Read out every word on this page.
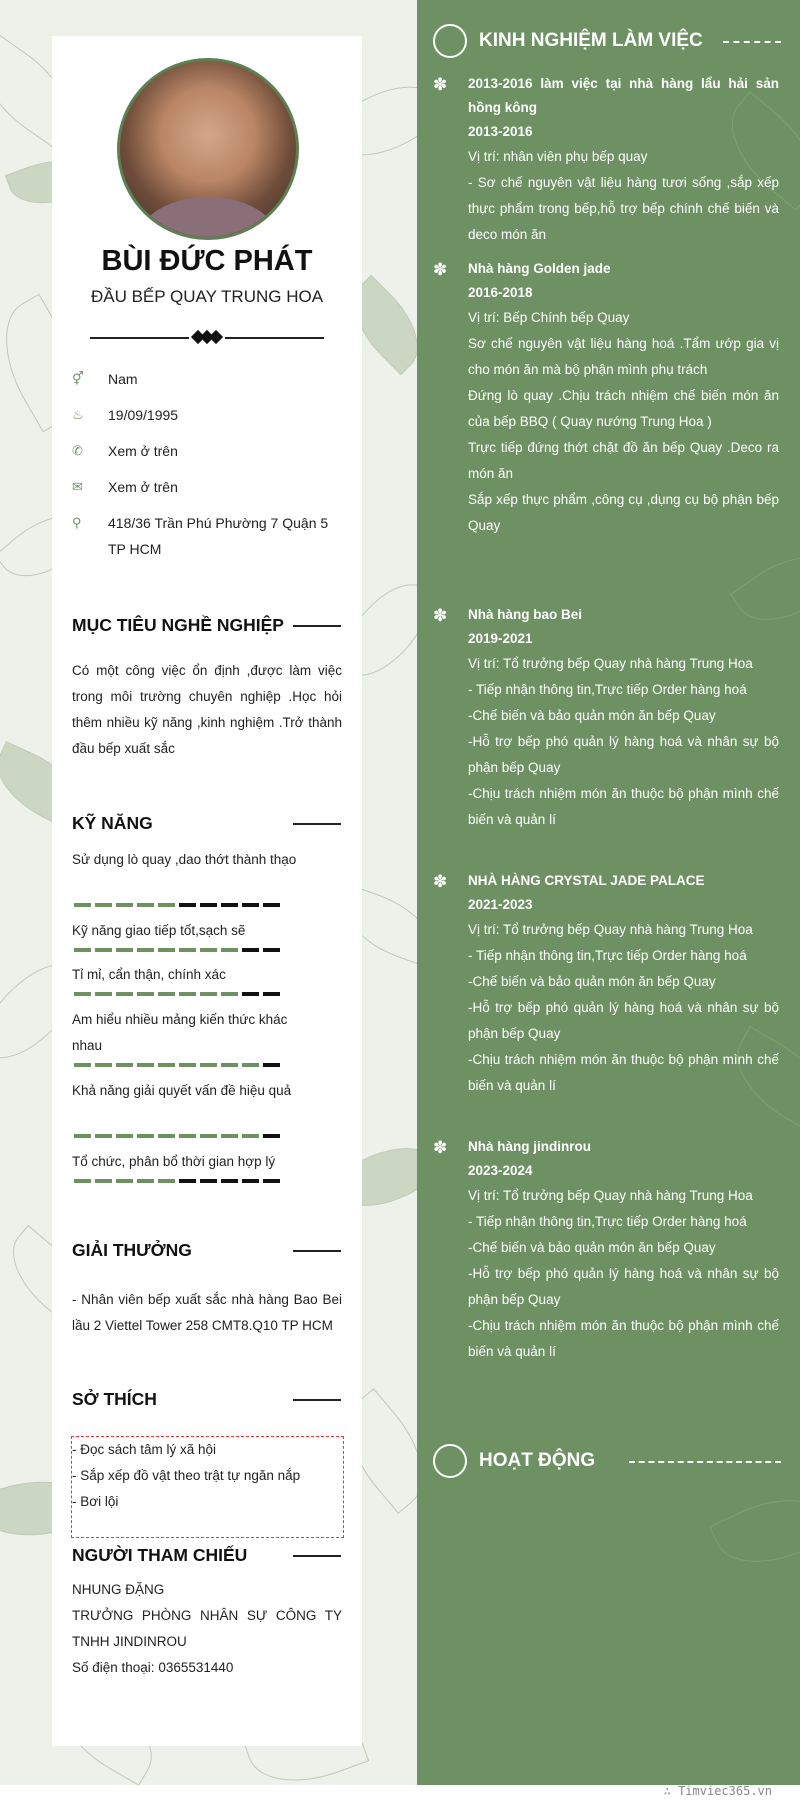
BÙI ĐỨC PHÁT
ĐẦU BẾP QUAY TRUNG HOA
⚥	Nam
♨	19/09/1995
✆	Xem ở trên
✉	Xem ở trên
⚲	418/36 Trần Phú Phường 7 Quận 5 TP HCM
MỤC TIÊU NGHỀ NGHIỆP
Có một công việc ổn định ,được làm việc trong môi trường chuyên nghiệp .Học hỏi thêm nhiều kỹ năng ,kinh nghiệm .Trở thành đầu bếp xuất sắc
KỸ NĂNG
Sử dụng lò quay ,dao thớt thành thạo
Kỹ năng giao tiếp tốt,sạch sẽ
Tỉ mỉ, cẩn thận, chính xác
Am hiểu nhiều mảng kiến thức khác nhau
Khả năng giải quyết vấn đề hiệu quả
Tổ chức, phân bổ thời gian hợp lý
GIẢI THƯỞNG
- Nhân viên bếp xuất sắc nhà hàng Bao Bei lầu 2 Viettel Tower 258 CMT8.Q10 TP HCM
SỞ THÍCH
- Đọc sách tâm lý xã hội
- Sắp xếp đồ vật theo trật tự ngăn nắp
- Bơi lội
NGƯỜI THAM CHIẾU
NHUNG ĐẶNG
TRƯỞNG PHÒNG NHÂN SỰ CÔNG TY TNHH JINDINROU
Số điện thoại: 0365531440
KINH NGHIỆM LÀM VIỆC
✽ 2013-2016 làm việc tại nhà hàng lẩu hải sản hồng kông
2013-2016
Vị trí: nhân viên phụ bếp quay
- Sơ chế nguyên vật liệu hàng tươi sống ,sắp xếp thực phẩm trong bếp,hỗ trợ bếp chính chế biến và deco món ăn
✽ Nhà hàng Golden jade
2016-2018
Vị trí: Bếp Chính bếp Quay
Sơ chế nguyên vật liệu hàng hoá .Tẩm ướp gia vị cho món ăn mà bộ phận mình phụ trách
Đứng lò quay .Chịu trách nhiệm chế biến món ăn của bếp BBQ ( Quay nướng Trung Hoa )
Trực tiếp đứng thớt chặt đồ ăn bếp Quay .Deco ra món ăn
Sắp xếp thực phẩm ,công cụ ,dụng cụ bộ phận bếp Quay
✽ Nhà hàng bao Bei
2019-2021
Vị trí: Tổ trưởng bếp Quay nhà hàng Trung Hoa
- Tiếp nhận thông tin,Trực tiếp Order hàng hoá
-Chế biến và bảo quản món ăn bếp Quay
-Hỗ trợ bếp phó quản lý hàng hoá và nhân sự bộ phận bếp Quay
-Chịu trách nhiệm món ăn thuộc bộ phận mình chế biến và quản lí
✽ NHÀ HÀNG CRYSTAL JADE PALACE
2021-2023
Vị trí: Tổ trưởng bếp Quay nhà hàng Trung Hoa
- Tiếp nhận thông tin,Trực tiếp Order hàng hoá
-Chế biến và bảo quản món ăn bếp Quay
-Hỗ trợ bếp phó quản lý hàng hoá và nhân sự bộ phận bếp Quay
-Chịu trách nhiệm món ăn thuộc bộ phận mình chế biến và quản lí
✽ Nhà hàng jindinrou
2023-2024
Vị trí: Tổ trưởng bếp Quay nhà hàng Trung Hoa
- Tiếp nhận thông tin,Trực tiếp Order hàng hoá
-Chế biến và bảo quản món ăn bếp Quay
-Hỗ trợ bếp phó quản lý hàng hoá và nhân sự bộ phận bếp Quay
-Chịu trách nhiệm món ăn thuộc bộ phận mình chế biến và quản lí
HOẠT ĐỘNG
∴ Timviec365.vn
